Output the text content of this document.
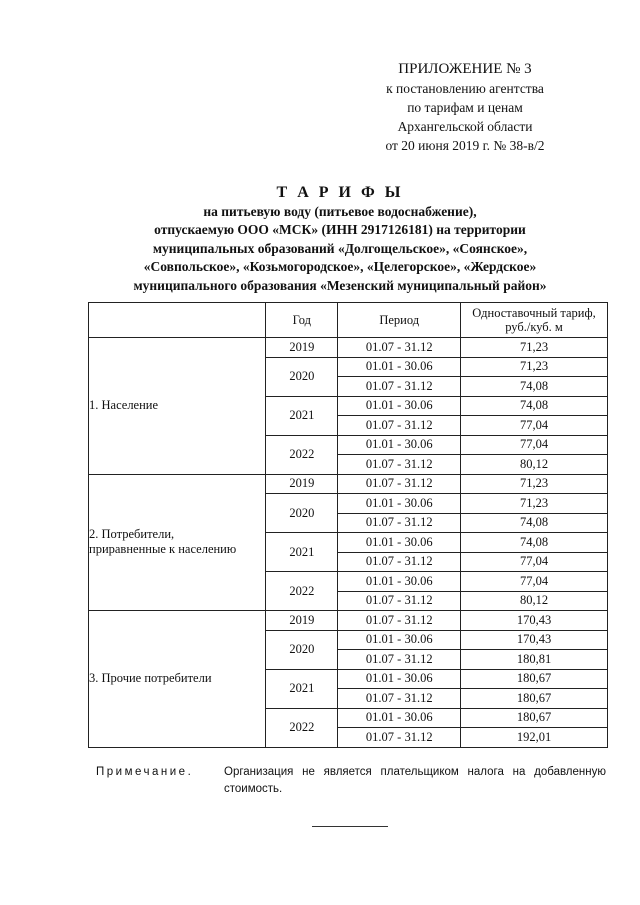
ПРИЛОЖЕНИЕ № 3
к постановлению агентства
по тарифам и ценам
Архангельской области
от 20 июня 2019 г. № 38-в/2
Т А Р И Ф Ы
на питьевую воду (питьевое водоснабжение),
отпускаемую ООО «МСК» (ИНН 2917126181) на территории
муниципальных образований «Долгощельское», «Соянское»,
«Совпольское», «Козьмогородское», «Целегорское», «Жердское»
муниципального образования «Мезенский муниципальный район»
	Год	Период	Одноставочный тариф,
руб./куб. м

1. Население	2019	01.07 - 31.12	71,23
	2020	01.01 - 30.06	71,23
		01.07 - 31.12	74,08
	2021	01.01 - 30.06	74,08
		01.07 - 31.12	77,04
	2022	01.01 - 30.06	77,04
		01.07 - 31.12	80,12

2. Потребители,
приравненные к населению	2019	01.07 - 31.12	71,23
	2020	01.01 - 30.06	71,23
		01.07 - 31.12	74,08
	2021	01.01 - 30.06	74,08
		01.07 - 31.12	77,04
	2022	01.01 - 30.06	77,04
		01.07 - 31.12	80,12

3. Прочие потребители	2019	01.07 - 31.12	170,43
	2020	01.01 - 30.06	170,43
		01.07 - 31.12	180,81
	2021	01.01 - 30.06	180,67
		01.07 - 31.12	180,67
	2022	01.01 - 30.06	180,67
		01.07 - 31.12	192,01
Примечание.	Организация не является плательщиком налога на добавленную стоимость.
